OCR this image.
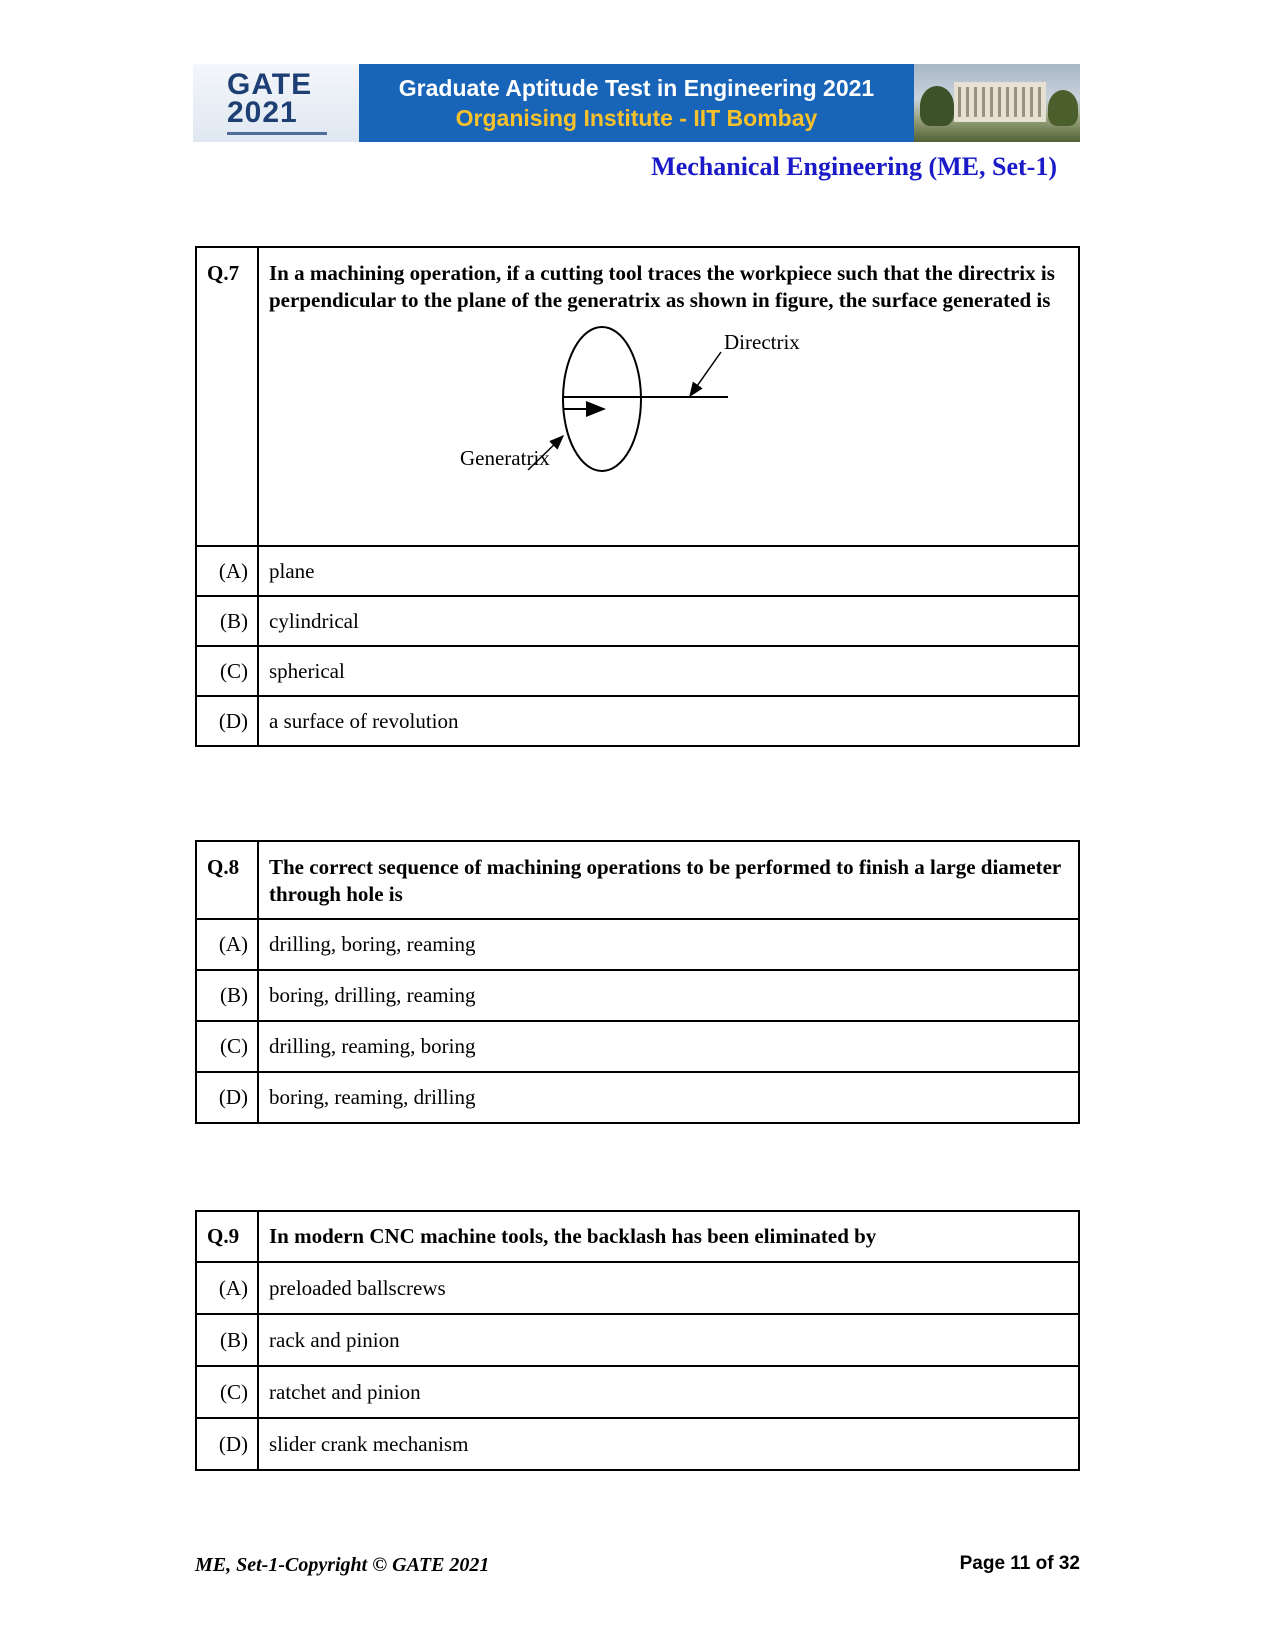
GATE
2021
Graduate Aptitude Test in Engineering 2021
Organising Institute - IIT Bombay
Mechanical Engineering (ME, Set-1)
Q.7	In a machining operation, if a cutting tool traces the workpiece such that the directrix is perpendicular to the plane of the generatrix as shown in figure, the surface generated is
Directrix
Generatrix

(A)	plane
(B)	cylindrical
(C)	spherical
(D)	a surface of revolution
Q.8	The correct sequence of machining operations to be performed to finish a large diameter through hole is
(A)	drilling, boring, reaming
(B)	boring, drilling, reaming
(C)	drilling, reaming, boring
(D)	boring, reaming, drilling
Q.9	In modern CNC machine tools, the backlash has been eliminated by
(A)	preloaded ballscrews
(B)	rack and pinion
(C)	ratchet and pinion
(D)	slider crank mechanism
ME, Set-1-Copyright © GATE 2021	Page 11 of 32
